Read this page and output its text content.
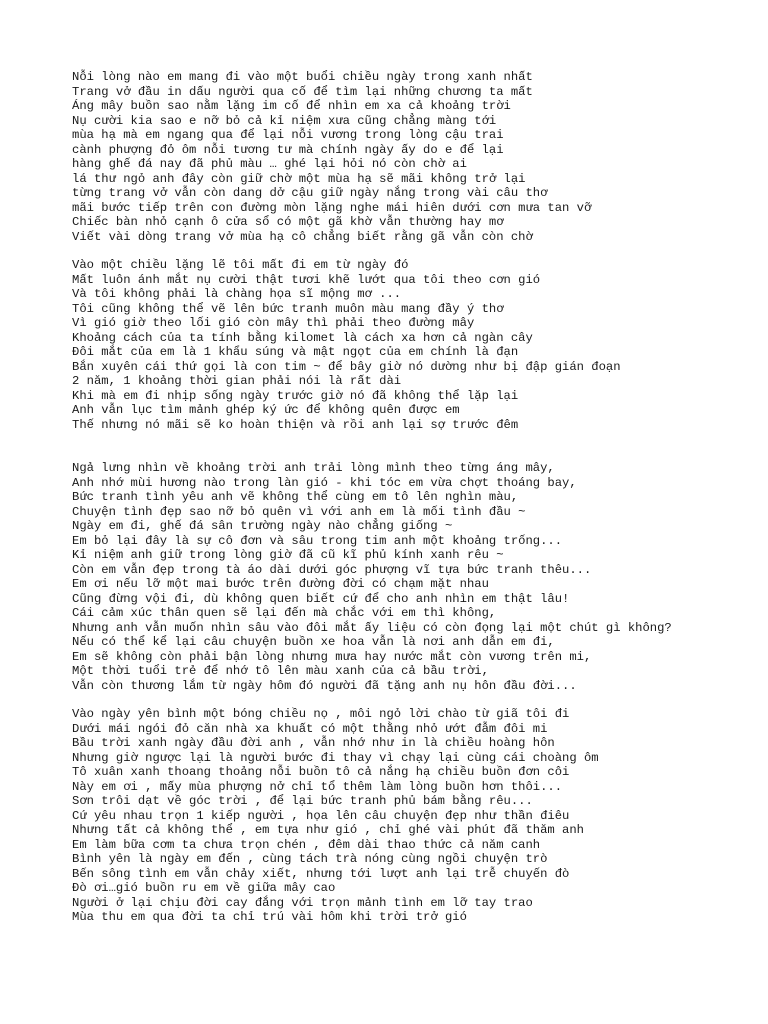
Nỗi lòng nào em mang đi vào một buổi chiều ngày trong xanh nhất
Trang vở đầu in dấu người qua cố để tìm lại những chương ta mất
Áng mây buồn sao nằm lặng im cố để nhìn em xa cả khoảng trời
Nụ cười kia sao e nỡ bỏ cả kỉ niệm xưa cũng chẳng màng tới
mùa hạ mà em ngang qua để lại nỗi vương trong lòng cậu trai
cành phượng đỏ ôm nỗi tương tư mà chính ngày ấy do e để lại
hàng ghế đá nay đã phủ màu … ghé lại hỏi nó còn chờ ai
lá thư ngỏ anh đây còn giữ chờ một mùa hạ sẽ mãi không trở lại
từng trang vở vẫn còn dang dở cậu giữ ngày nắng trong vài câu thơ
mãi bước tiếp trên con đường mòn lặng nghe mái hiên dưới cơn mưa tan vỡ
Chiếc bàn nhỏ cạnh ô cửa sổ có một gã khờ vẫn thường hay mơ
Viết vài dòng trang vở mùa hạ cô chẳng biết rằng gã vẫn còn chờ
Vào một chiều lặng lẽ tôi mất đi em từ ngày đó
Mất luôn ánh mắt nụ cười thật tươi khẽ lướt qua tôi theo cơn gió
Và tôi không phải là chàng họa sĩ mộng mơ ...
Tôi cũng không thể vẽ lên bức tranh muôn màu mang đầy ý thơ
Vì gió giờ theo lối gió còn mây thì phải theo đường mây
Khoảng cách của ta tính bằng kilomet là cách xa hơn cả ngàn cây
Đôi mắt của em là 1 khẩu súng và mật ngọt của em chính là đạn
Bắn xuyên cái thứ gọi là con tim ~ để bây giờ nó dường như bị đập gián đoạn
2 năm, 1 khoảng thời gian phải nói là rất dài
Khi mà em đi nhịp sống ngày trước giờ nó đã không thể lặp lại
Anh vẫn lục tìm mảnh ghép ký ức để không quên được em
Thế nhưng nó mãi sẽ ko hoàn thiện và rồi anh lại sợ trước đêm
Ngả lưng nhìn về khoảng trời anh trải lòng mình theo từng áng mây,
Anh nhớ mùi hương nào trong làn gió - khi tóc em vừa chợt thoáng bay,
Bức tranh tình yêu anh vẽ không thể cùng em tô lên nghìn màu,
Chuyện tình đẹp sao nỡ bỏ quên vì với anh em là mối tình đầu ~
Ngày em đi, ghế đá sân trường ngày nào chẳng giống ~
Em bỏ lại đây là sự cô đơn và sâu trong tim anh một khoảng trống...
Kỉ niệm anh giữ trong lòng giờ đã cũ kĩ phủ kính xanh rêu ~
Còn em vẫn đẹp trong tà áo dài dưới góc phượng vĩ tựa bức tranh thêu...
Em ơi nếu lỡ một mai bước trên đường đời có chạm mặt nhau
Cũng đừng vội đi, dù không quen biết cứ để cho anh nhìn em thật lâu!
Cái cảm xúc thân quen sẽ lại đến mà chắc với em thì không,
Nhưng anh vẫn muốn nhìn sâu vào đôi mắt ấy liệu có còn đọng lại một chút gì không?
Nếu có thể kể lại câu chuyện buồn xe hoa vẫn là nơi anh dẫn em đi,
Em sẽ không còn phải bận lòng nhưng mưa hay nước mắt còn vương trên mi,
Một thời tuổi trẻ để nhớ tô lên màu xanh của cả bầu trời,
Vẫn còn thương lắm từ ngày hôm đó người đã tặng anh nụ hôn đầu đời...
Vào ngày yên bình một bóng chiều nọ , môi ngỏ lời chào từ giã tôi đi
Dưới mái ngói đỏ căn nhà xa khuất có một thằng nhỏ ướt đẫm đôi mi
Bầu trời xanh ngày đầu đời anh , vẫn nhớ như in là chiều hoàng hôn
Nhưng giờ ngược lại là người bước đi thay vì chạy lại cùng cái choàng ôm
Tô xuân xanh thoang thoảng nỗi buồn tô cả nắng hạ chiều buồn đơn côi
Này em ơi , mấy mùa phượng nở chỉ tổ thêm làm lòng buồn hơn thôi...
Sơn trôi dạt về góc trời , để lại bức tranh phủ bám bằng rêu...
Cứ yêu nhau trọn 1 kiếp người , họa lên câu chuyện đẹp như thần điêu
Nhưng tất cả không thể , em tựa như gió , chỉ ghé vài phút đã thăm anh
Em làm bữa cơm ta chưa trọn chén , đêm dài thao thức cả năm canh
Bình yên là ngày em đến , cùng tách trà nóng cùng ngồi chuyện trò
Bến sông tình em vẫn chảy xiết, nhưng tới lượt anh lại trễ chuyến đò
Đò ơi…gió buồn ru em về giữa mây cao
Người ở lại chịu đời cay đắng với trọn mảnh tình em lỡ tay trao
Mùa thu em qua đời ta chỉ trú vài hôm khi trời trở gió
